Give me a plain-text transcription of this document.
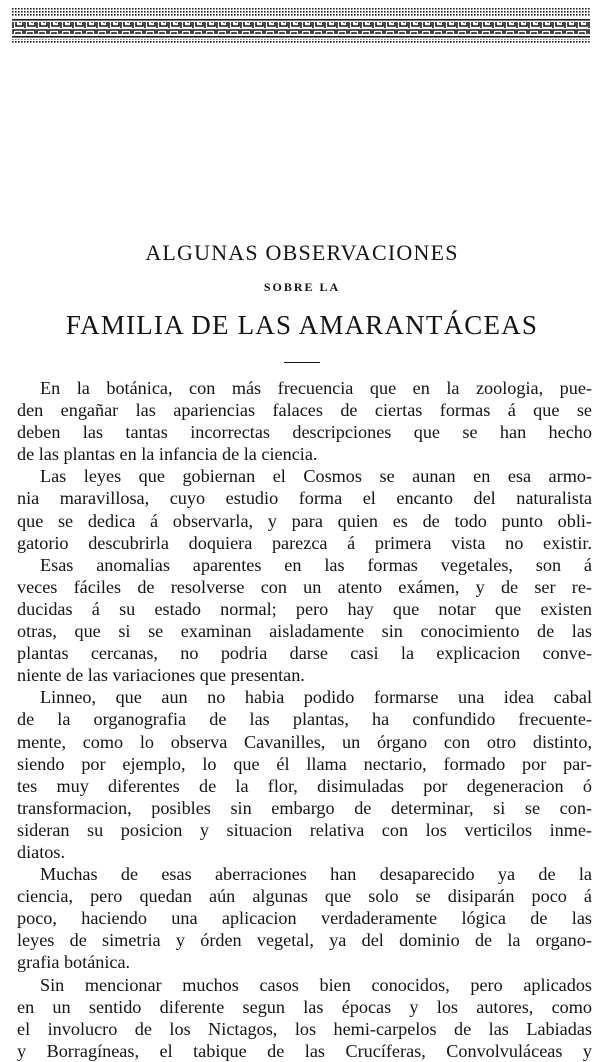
ALGUNAS OBSERVACIONES
SOBRE LA
FAMILIA DE LAS AMARANTÁCEAS
En la botánica, con más frecuencia que en la zoologia, pue-
den engañar las apariencias falaces de ciertas formas á que se
deben las tantas incorrectas descripciones que se han hecho
de las plantas en la infancia de la ciencia.
Las leyes que gobiernan el Cosmos se aunan en esa armo-
nia maravillosa, cuyo estudio forma el encanto del naturalista
que se dedica á observarla, y para quien es de todo punto obli-
gatorio descubrirla doquiera parezca á primera vista no existir.
Esas anomalias aparentes en las formas vegetales, son á
veces fáciles de resolverse con un atento exámen, y de ser re-
ducidas á su estado normal; pero hay que notar que existen
otras, que si se examinan aisladamente sin conocimiento de las
plantas cercanas, no podria darse casi la explicacion conve-
niente de las variaciones que presentan.
Linneo, que aun no habia podido formarse una idea cabal
de la organografia de las plantas, ha confundido frecuente-
mente, como lo observa Cavanilles, un órgano con otro distinto,
siendo por ejemplo, lo que él llama nectario, formado por par-
tes muy diferentes de la flor, disimuladas por degeneracion ó
transformacion, posibles sin embargo de determinar, si se con-
sideran su posicion y situacion relativa con los verticilos inme-
diatos.
Muchas de esas aberraciones han desaparecido ya de la
ciencia, pero quedan aún algunas que solo se disiparán poco á
poco, haciendo una aplicacion verdaderamente lógica de las
leyes de simetria y órden vegetal, ya del dominio de la organo-
grafia botánica.
Sin mencionar muchos casos bien conocidos, pero aplicados
en un sentido diferente segun las épocas y los autores, como
el involucro de los Nictagos, los hemi-carpelos de las Labiadas
y Borragíneas, el tabique de las Crucíferas, Convolvuláceas y
